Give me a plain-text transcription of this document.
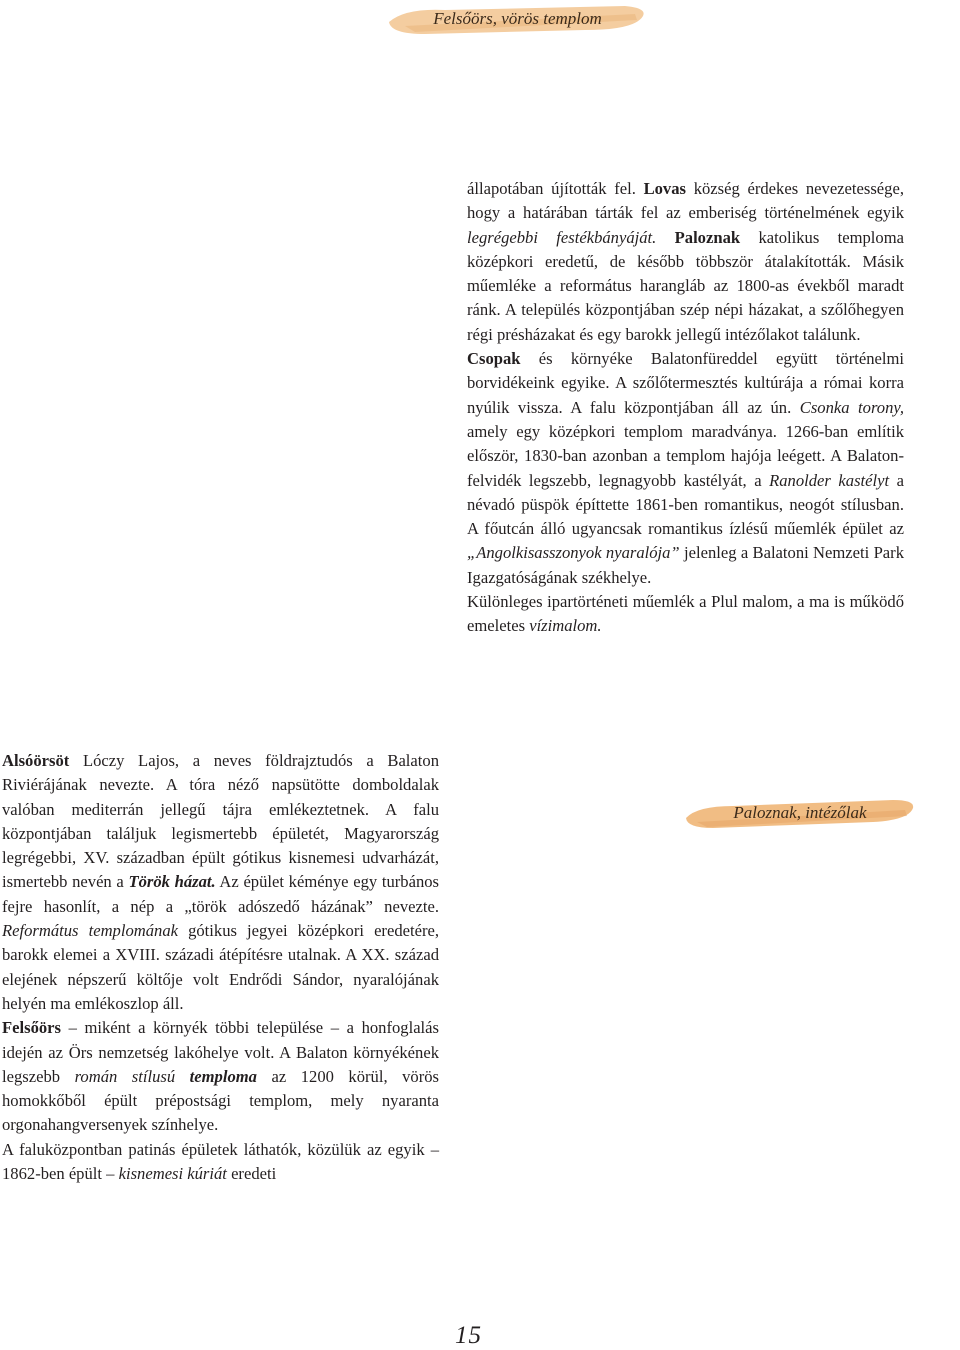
Felsőörs, vörös templom

állapotában újították fel. Lovas község érdekes nevezetessége, hogy a határában tárták fel az emberiség történelmének egyik legrégebbi festékbányáját. Paloznak katolikus temploma középkori eredetű, de később többször átalakították. Másik műemléke a református harangláb az 1800-as évekből maradt ránk. A település központjában szép népi házakat, a szőlőhegyen régi présházakat és egy barokk jellegű intézőlakot találunk.

Csopak és környéke Balatonfüreddel együtt történelmi borvidékeink egyike. A szőlőtermesztés kultúrája a római korra nyúlik vissza. A falu központjában áll az ún. Csonka torony, amely egy középkori templom maradványa. 1266-ban említik először, 1830-ban azonban a templom hajója leégett. A Balaton-felvidék legszebb, legnagyobb kastélyát, a Ranolder kastélyt a névadó püspök építtette 1861-ben romantikus, neogót stílusban. A főutcán álló ugyancsak romantikus ízlésű műemlék épület az „Angolkisasszonyok nyaralója” jelenleg a Balatoni Nemzeti Park Igazgatóságának székhelye.

Különleges ipartörténeti műemlék a Plul malom, a ma is működő emeletes vízimalom.

Paloznak, intézőlak

Alsóörsöt Lóczy Lajos, a neves földrajztudós a Balaton Riviérájának nevezte. A tóra néző napsütötte domboldalak valóban mediterrán jellegű tájra emlékeztetnek. A falu központjában találjuk legismertebb épületét, Magyarország legrégebbi, XV. században épült gótikus kisnemesi udvarházát, ismertebb nevén a Török házat. Az épület kéménye egy turbános fejre hasonlít, a nép a „török adószedő házának” nevezte. Református templomának gótikus jegyei középkori eredetére, barokk elemei a XVIII. századi átépítésre utalnak. A XX. század elejének népszerű költője volt Endrődi Sándor, nyaralójának helyén ma emlékoszlop áll.

Felsőörs – miként a környék többi települése – a honfoglalás idején az Örs nemzetség lakóhelye volt. A Balaton környékének legszebb román stílusú temploma az 1200 körül, vörös homokkőből épült prépostsági templom, mely nyaranta orgonahangversenyek színhelye.

A faluközpontban patinás épületek láthatók, közülük az egyik – 1862-ben épült – kisnemesi kúriát eredeti

15
